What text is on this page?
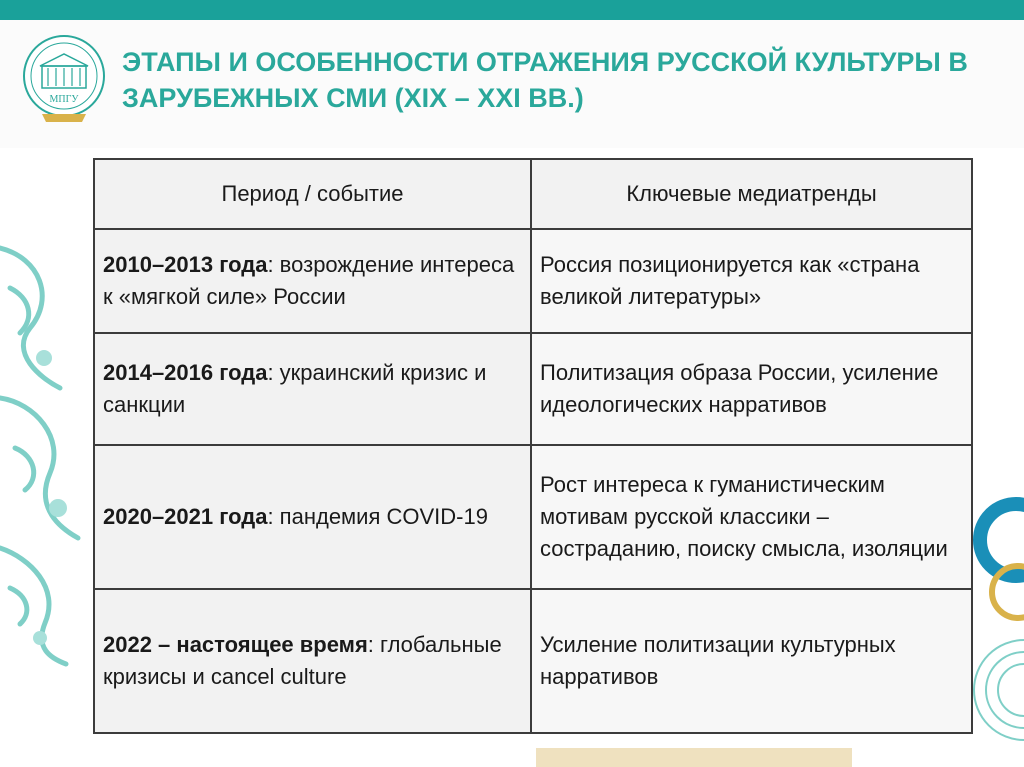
МПГУ
ЭТАПЫ И ОСОБЕННОСТИ ОТРАЖЕНИЯ РУССКОЙ КУЛЬТУРЫ В ЗАРУБЕЖНЫХ СМИ (XIX – XXI ВВ.)
Период / событие	Ключевые медиатренды
2010–2013 года: возрождение интереса к «мягкой силе» России	Россия позиционируется как «страна великой литературы»
2014–2016 года: украинский кризис и санкции	Политизация образа России, усиление идеологических нарративов
2020–2021 года: пандемия COVID-19	Рост интереса к гуманистическим мотивам русской классики – состраданию, поиску смысла, изоляции
2022 – настоящее время: глобальные кризисы и cancel culture	Усиление политизации культурных нарративов
